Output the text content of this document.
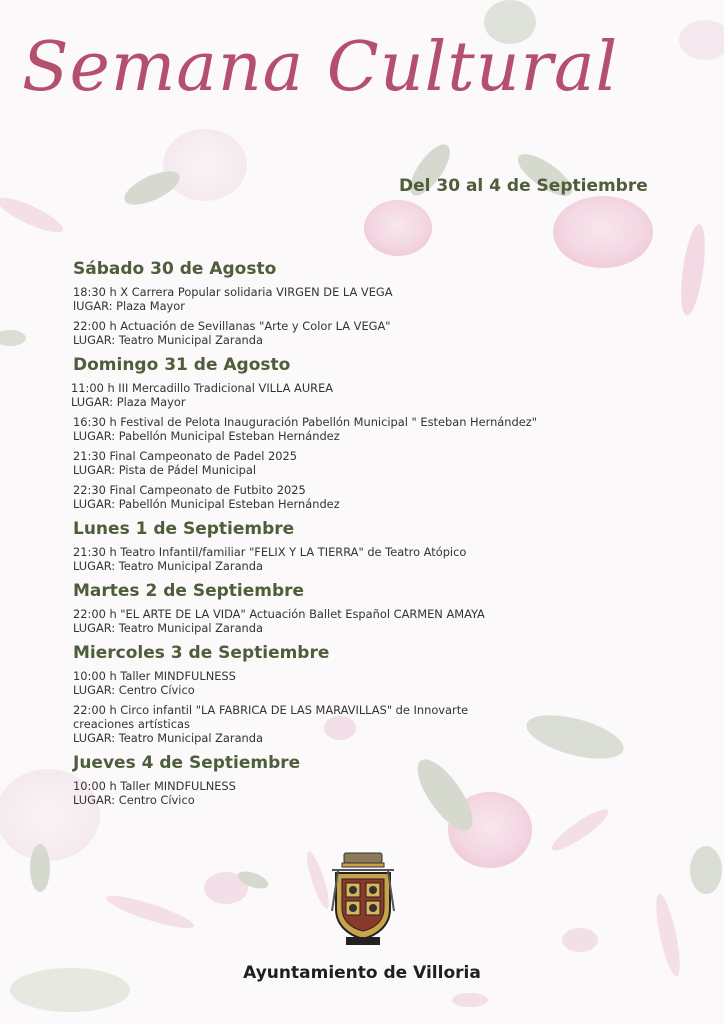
Semana Cultural
Del 30 al 4 de Septiembre
Sábado 30 de Agosto
18:30 h X Carrera Popular solidaria VIRGEN DE LA VEGA
lUGAR: Plaza Mayor
22:00 h Actuación de Sevillanas "Arte y Color LA VEGA"
LUGAR: Teatro Municipal Zaranda
Domingo 31 de Agosto
11:00 h III Mercadillo Tradicional VILLA AUREA
LUGAR: Plaza Mayor
16:30 h Festival de Pelota Inauguración Pabellón Municipal " Esteban Hernández"
LUGAR: Pabellón Municipal Esteban Hernández
21:30 Final Campeonato de Padel 2025
LUGAR: Pista de Pádel Municipal
22:30 Final Campeonato de Futbito 2025
LUGAR: Pabellón Municipal Esteban Hernández
Lunes 1 de Septiembre
21:30 h Teatro Infantil/familiar "FELIX Y LA TIERRA" de Teatro Atópico
LUGAR: Teatro Municipal Zaranda
Martes 2 de Septiembre
22:00 h "EL ARTE DE LA VIDA" Actuación Ballet Español CARMEN AMAYA
LUGAR: Teatro Municipal Zaranda
Miercoles 3 de Septiembre
10:00 h Taller MINDFULNESS
LUGAR: Centro Cívico
22:00 h Circo infantil "LA FABRICA DE LAS MARAVILLAS" de Innovarte
creaciones artísticas
LUGAR: Teatro Municipal Zaranda
Jueves 4 de Septiembre
10:00 h Taller MINDFULNESS
LUGAR: Centro Cívico
Ayuntamiento de Villoria
